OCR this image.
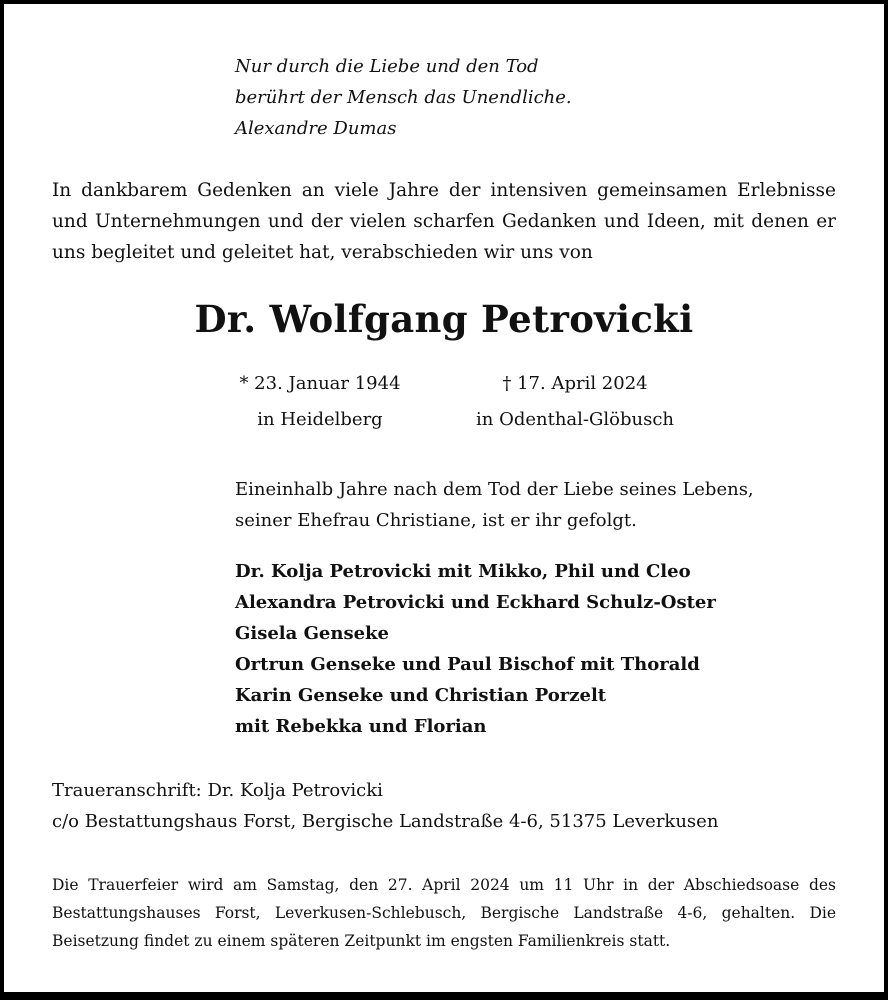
Nur durch die Liebe und den Tod
berührt der Mensch das Unendliche.
Alexandre Dumas
In dankbarem Gedenken an viele Jahre der intensiven gemeinsamen Erlebnisse und Unternehmungen und der vielen scharfen Gedanken und Ideen, mit denen er uns begleitet und geleitet hat, verabschieden wir uns von
Dr. Wolfgang Petrovicki
* 23. Januar 1944
in Heidelberg
† 17. April 2024
in Odenthal-Glöbusch
Eineinhalb Jahre nach dem Tod der Liebe seines Lebens,
seiner Ehefrau Christiane, ist er ihr gefolgt.
Dr. Kolja Petrovicki mit Mikko, Phil und Cleo
Alexandra Petrovicki und Eckhard Schulz-Oster
Gisela Genseke
Ortrun Genseke und Paul Bischof mit Thorald
Karin Genseke und Christian Porzelt
mit Rebekka und Florian
Traueranschrift: Dr. Kolja Petrovicki
c/o Bestattungshaus Forst, Bergische Landstraße 4-6, 51375 Leverkusen
Die Trauerfeier wird am Samstag, den 27. April 2024 um 11 Uhr in der Abschiedsoase des Bestattungshauses Forst, Leverkusen-Schlebusch, Bergische Landstraße 4-6, gehalten. Die Beisetzung findet zu einem späteren Zeitpunkt im engsten Familienkreis statt.
